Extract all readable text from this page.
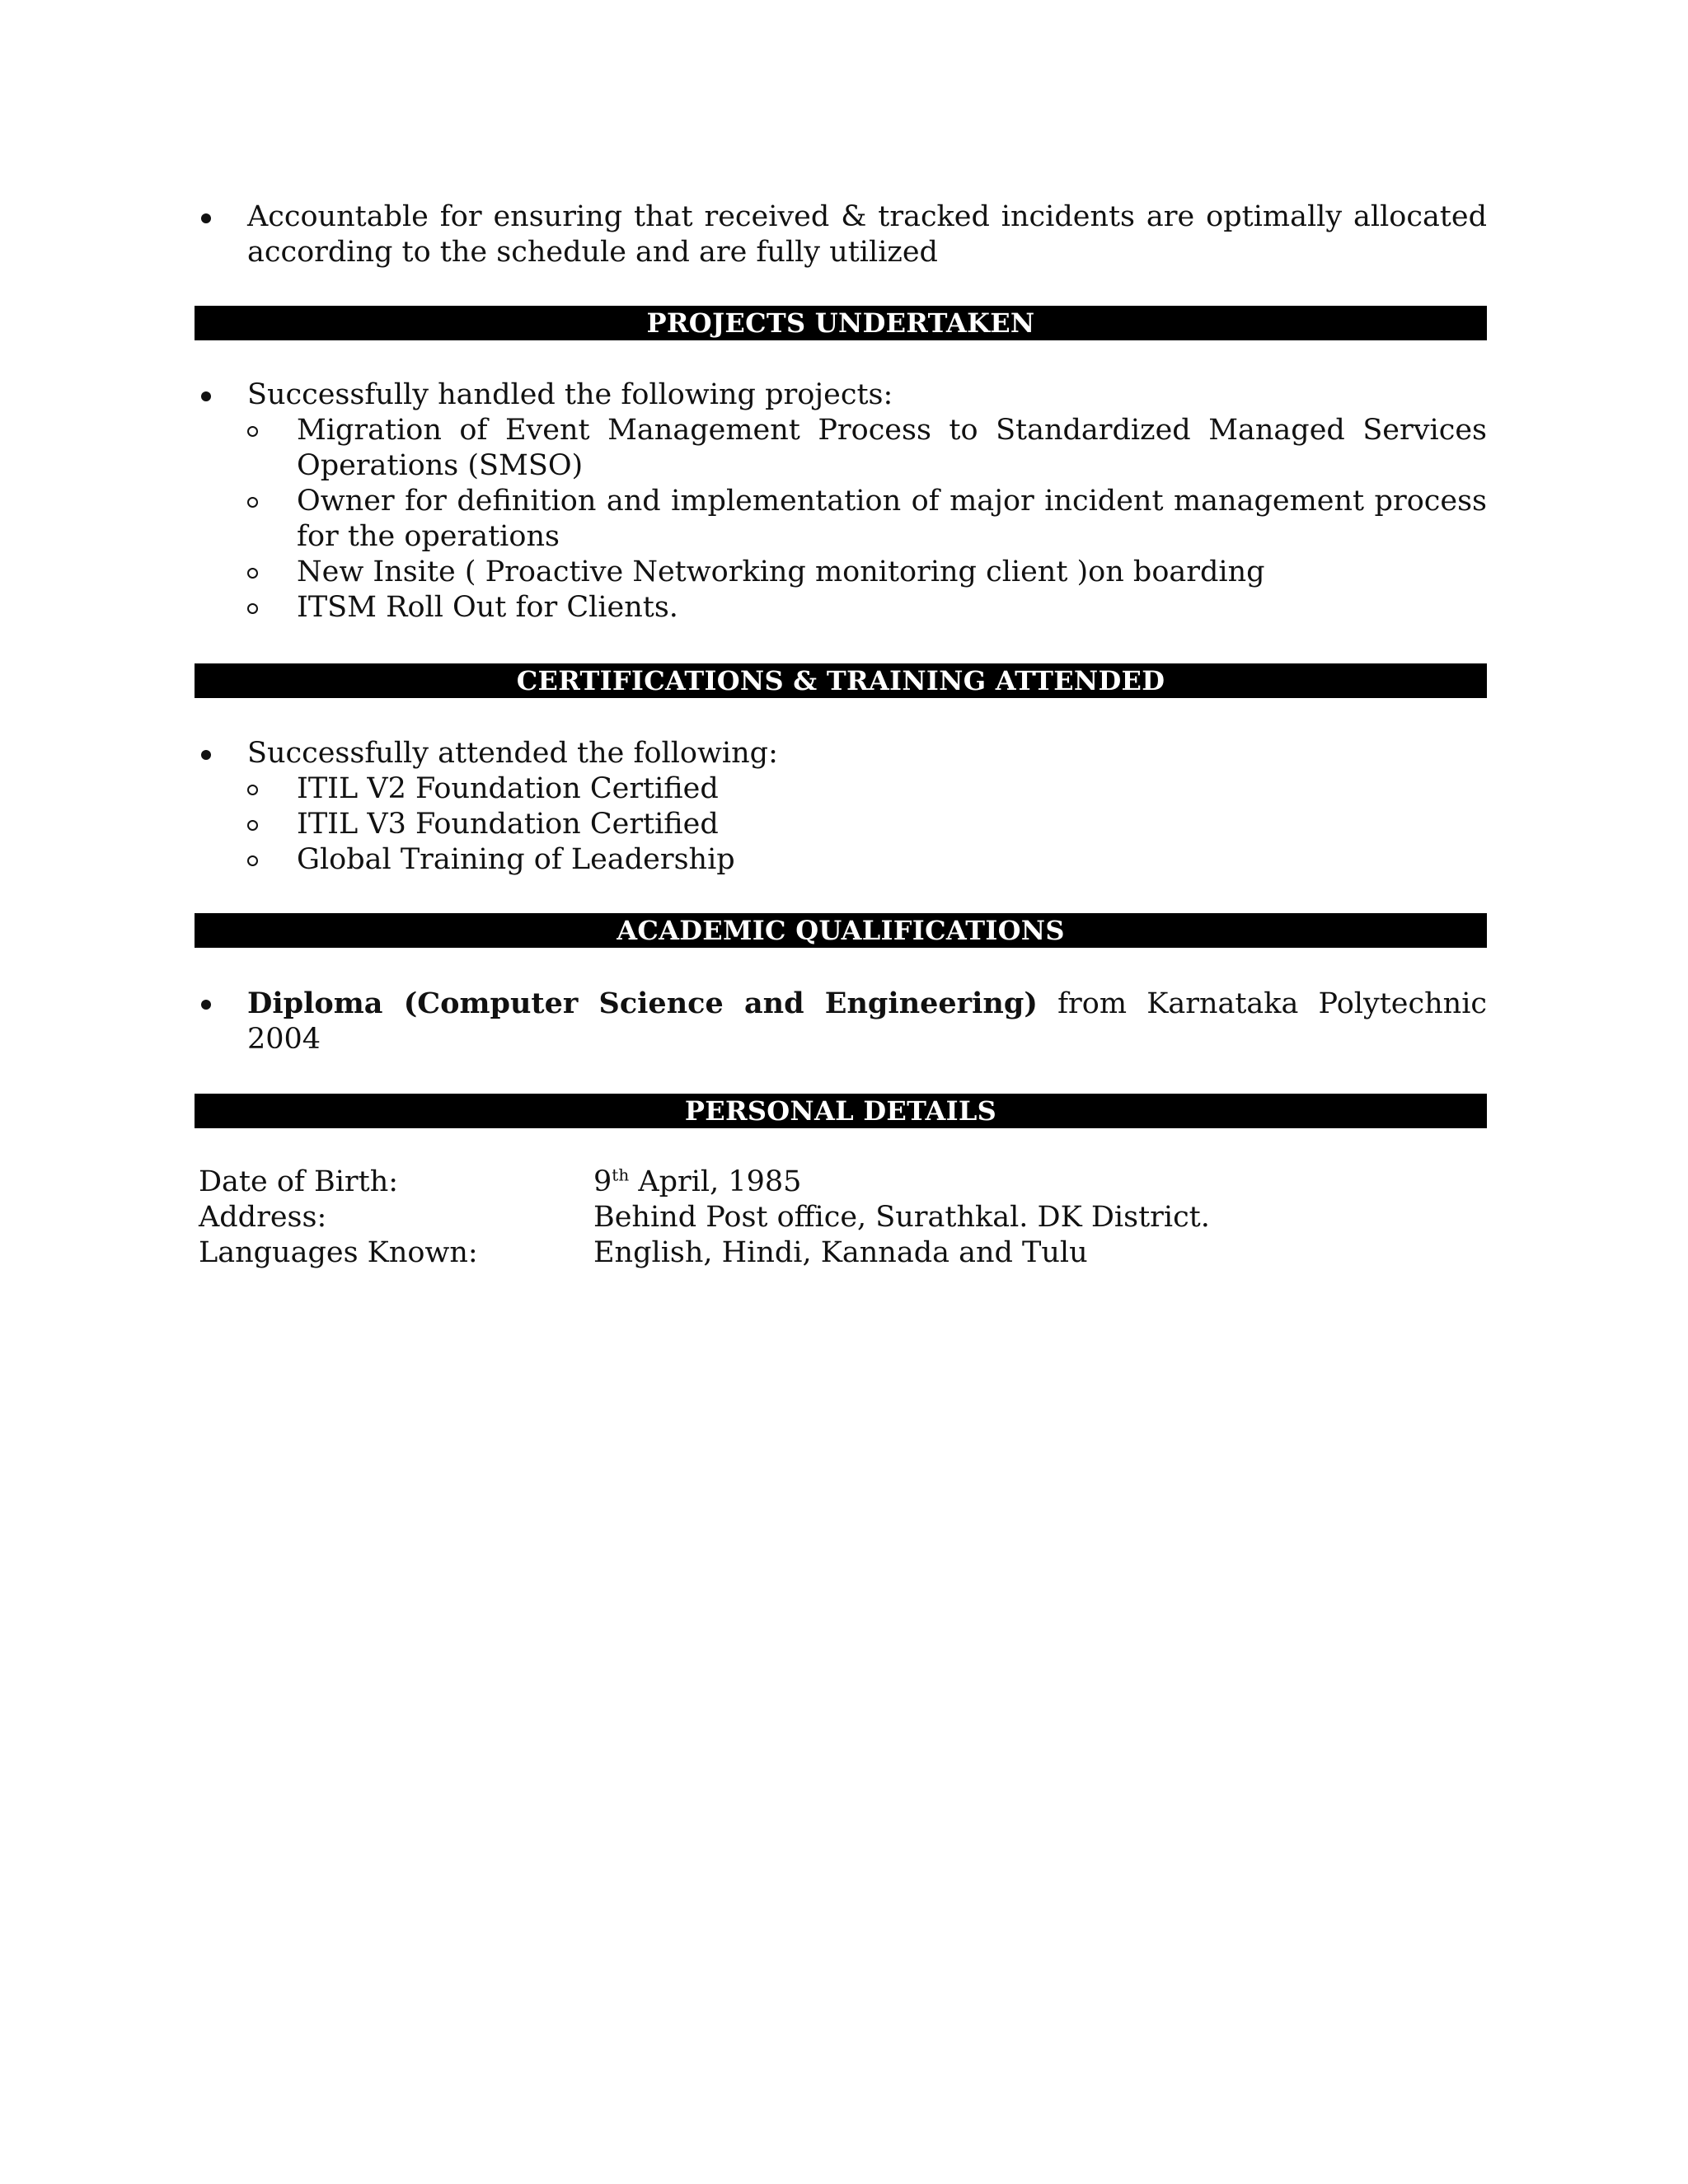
Accountable for ensuring that received & tracked incidents are optimally allocated according to the schedule and are fully utilized
PROJECTS UNDERTAKEN
Successfully handled the following projects:
Migration of Event Management Process to Standardized Managed Services Operations (SMSO)
Owner for definition and implementation of major incident management process for the operations
New Insite ( Proactive Networking monitoring client )on boarding
ITSM Roll Out for Clients.
CERTIFICATIONS & TRAINING ATTENDED
Successfully attended the following:
ITIL V2 Foundation Certified
ITIL V3 Foundation Certified
Global Training of Leadership
ACADEMIC QUALIFICATIONS
Diploma (Computer Science and Engineering) from Karnataka Polytechnic 2004
PERSONAL DETAILS
Date of Birth:	9th April, 1985
Address:	Behind Post office, Surathkal. DK District.
Languages Known:	English, Hindi, Kannada and Tulu
